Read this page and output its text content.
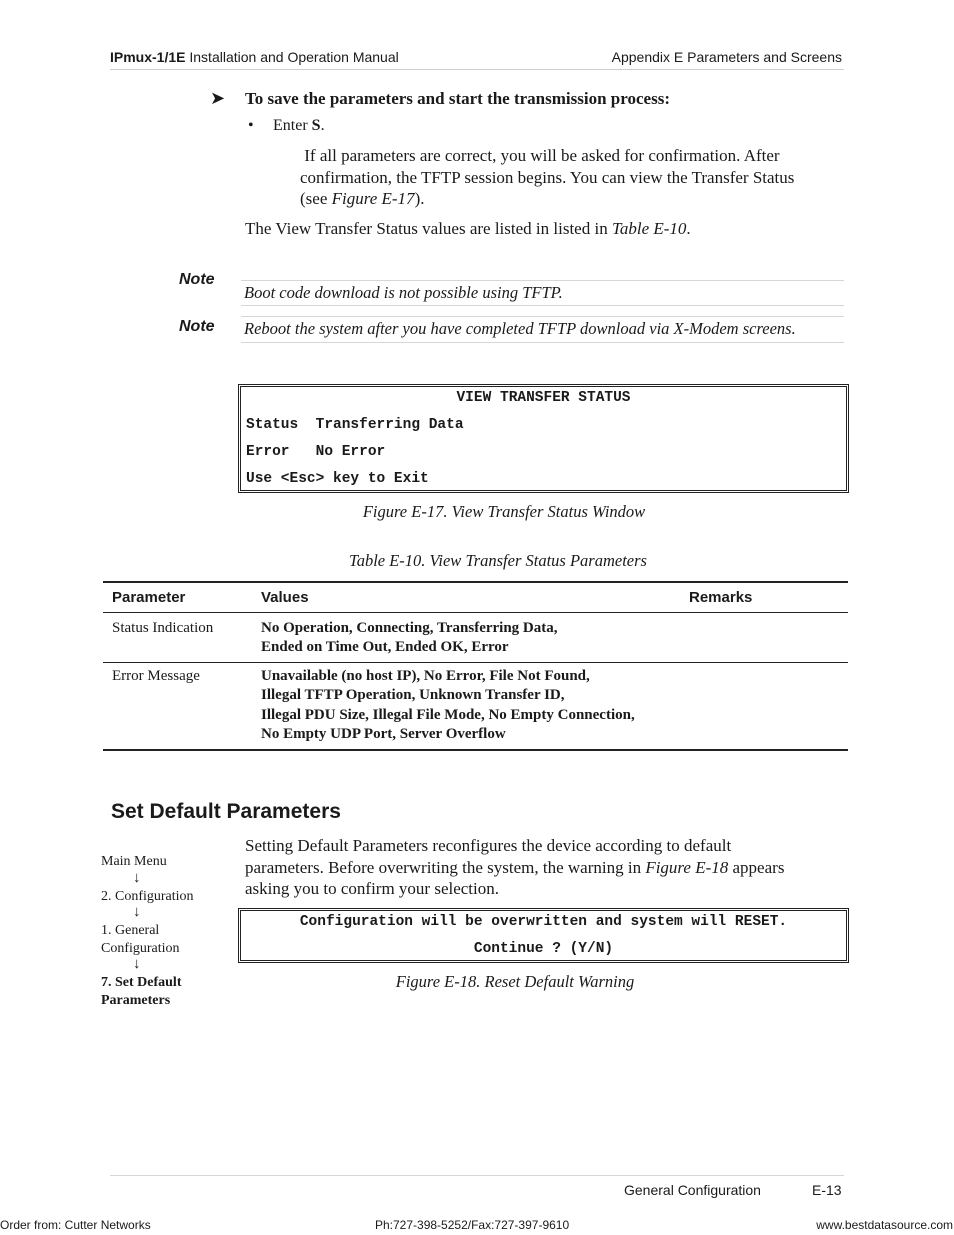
IPmux-1/1E Installation and Operation Manual	Appendix E Parameters and Screens
➤ To save the parameters and start the transmission process:
• Enter S.
If all parameters are correct, you will be asked for confirmation. After
confirmation, the TFTP session begins. You can view the Transfer Status
(see Figure E-17).
The View Transfer Status values are listed in listed in Table E-10.
Note
Boot code download is not possible using TFTP.
Note Reboot the system after you have completed TFTP download via X-Modem screens.
VIEW TRANSFER STATUS
Status  Transferring Data
Error   No Error
Use <Esc> key to Exit
Figure E-17. View Transfer Status Window
Table E-10. View Transfer Status Parameters
Parameter	Values	Remarks
Status Indication	No Operation, Connecting, Transferring Data,
Ended on Time Out, Ended OK, Error
Error Message	Unavailable (no host IP), No Error, File Not Found,
Illegal TFTP Operation, Unknown Transfer ID,
Illegal PDU Size, Illegal File Mode, No Empty Connection,
No Empty UDP Port, Server Overflow
Set Default Parameters
Setting Default Parameters reconfigures the device according to default
parameters. Before overwriting the system, the warning in Figure E-18 appears
asking you to confirm your selection.
Main Menu
↓
2. Configuration
↓
1. General
Configuration
↓
7. Set Default
Parameters
Configuration will be overwritten and system will RESET.
Continue ? (Y/N)
Figure E-18. Reset Default Warning
General Configuration	E-13
Order from: Cutter Networks	Ph:727-398-5252/Fax:727-397-9610	www.bestdatasource.com
